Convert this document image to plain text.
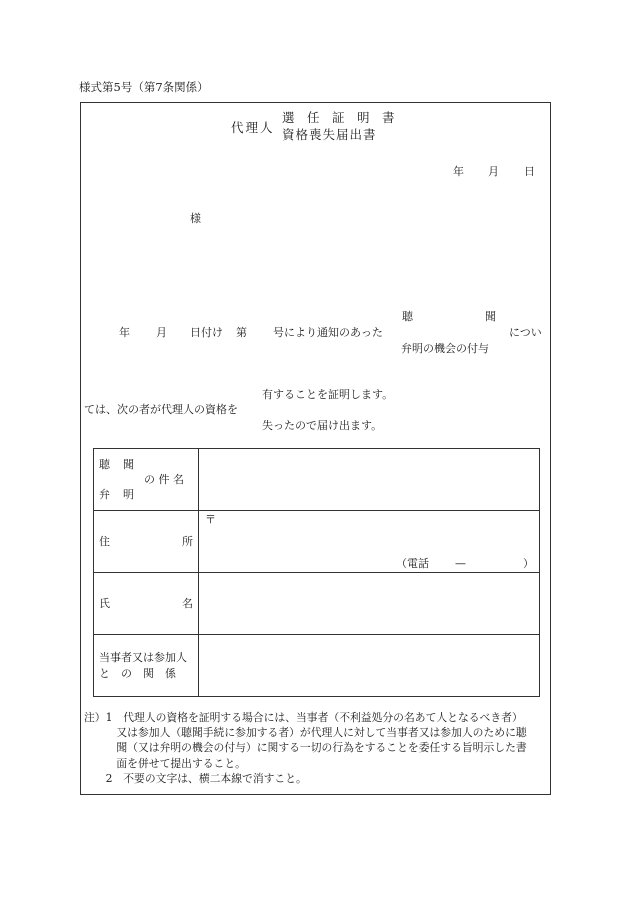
様式第5号（第7条関係）
代理人
選　任　証　明　書
資格喪失届出書
年 月 日
様
年 月 日付け 第 号により通知のあった
聴	聞
弁明の機会の付与
につい
ては、次の者が代理人の資格を
有することを証明します。
失ったので届け出ます。
聴 聞
の 件 名
弁 明	

住 所	〒
（電話 — ）

氏 名	

当事者又は参加人
と　の　関　係	

注）1　代理人の資格を証明する場合には、当事者（不利益処分の名あて人となるべき者）
　　　又は参加人（聴聞手続に参加する者）が代理人に対して当事者又は参加人のために聴
　　　聞（又は弁明の機会の付与）に関する一切の行為をすることを委任する旨明示した書
　　　面を併せて提出すること。
　　2　不要の文字は、横二本線で消すこと。
